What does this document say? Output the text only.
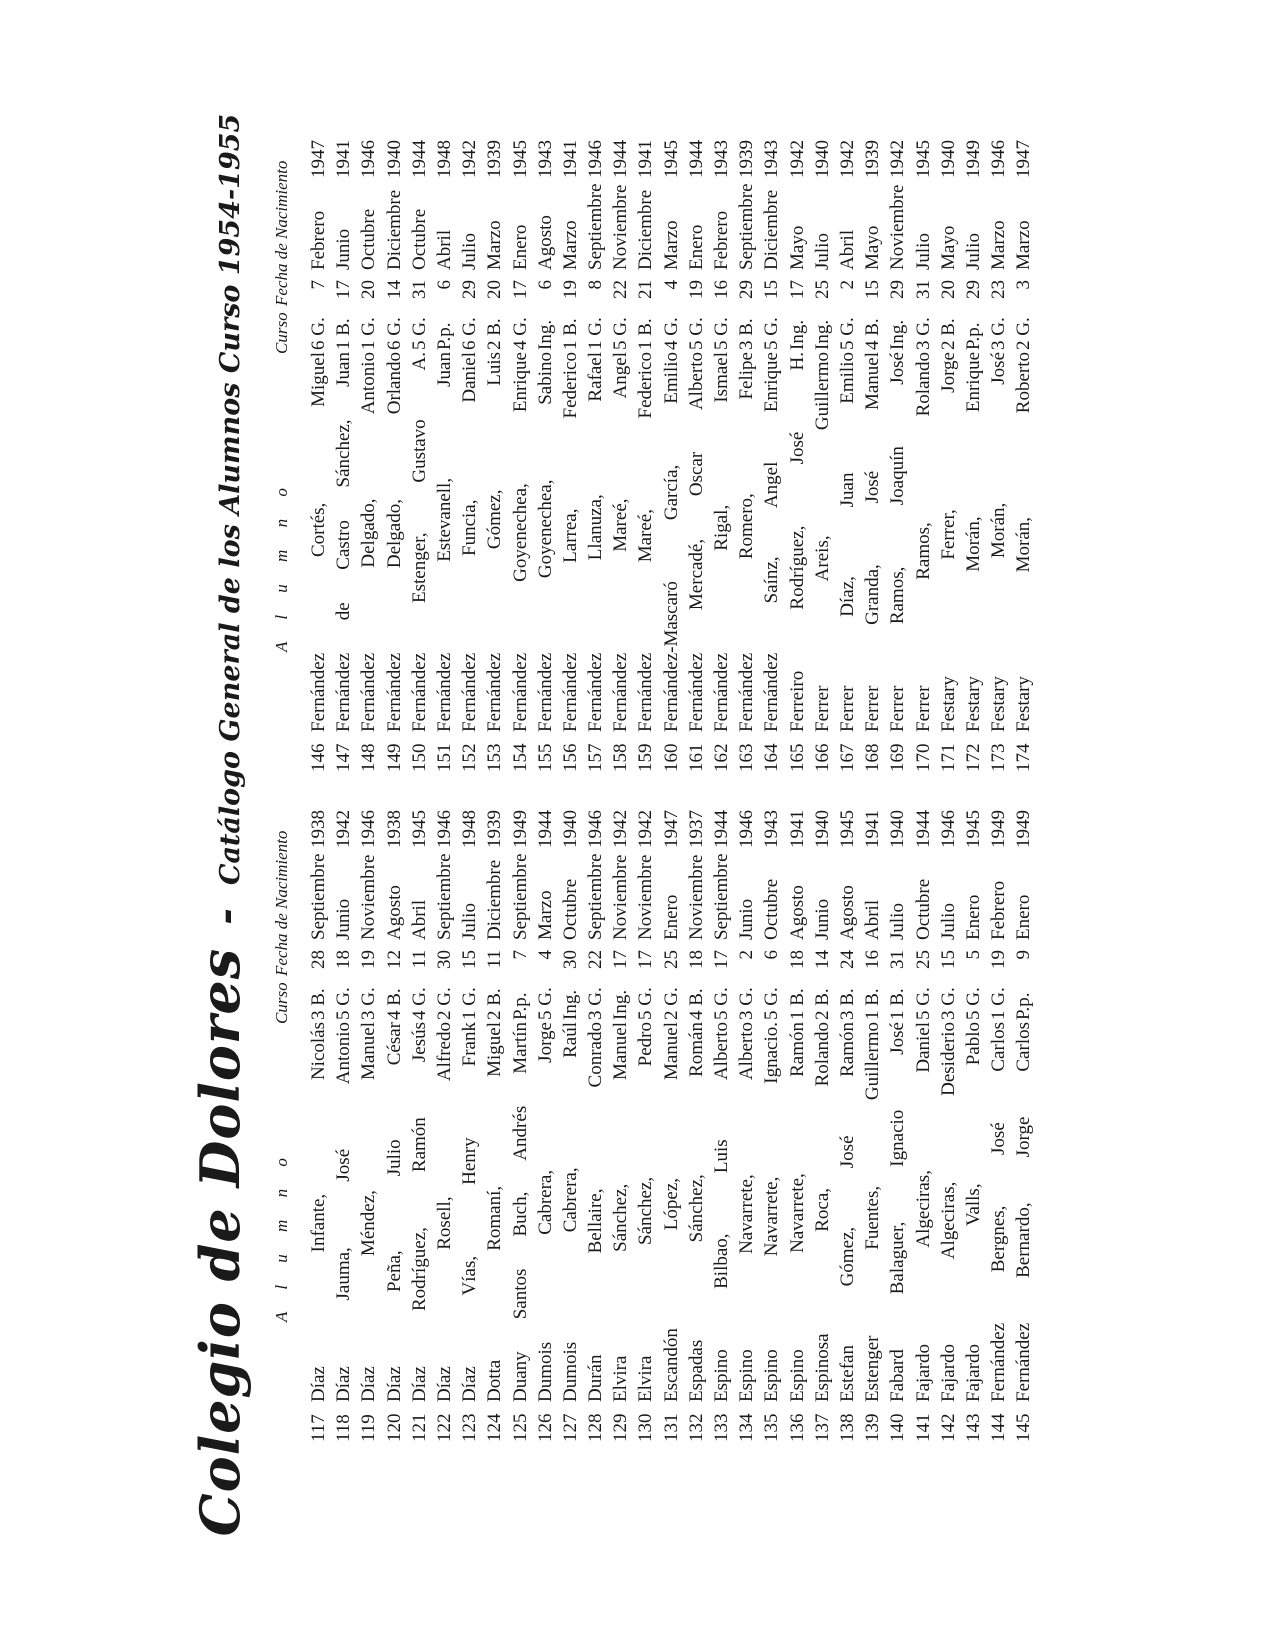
Colegio de Dolores - Catálogo General de los Alumnos Curso 1954-1955
A l u m n o
Curso
Fecha de Nacimiento
117
Díaz Infante, Nicolás
3 B.
28
Septiembre
1938
118
Díaz Jauma, José Antonio
5 G.
18
Junio
1942
119
Díaz Méndez, Manuel
3 G.
19
Noviembre
1946
120
Díaz Peña, Julio César
4 B.
12
Agosto
1938
121
Díaz Rodríguez, Ramón Jesús
4 G.
11
Abril
1945
122
Díaz Rosell, Alfredo
2 G.
30
Septiembre
1946
123
Díaz Vías, Henry Frank
1 G.
15
Julio
1948
124
Dotta Romaní, Miguel
2 B.
11
Diciembre
1939
125
Duany Santos Buch, Andrés Martín
P.p.
7
Septiembre
1949
126
Dumois Cabrera, Jorge
5 G.
4
Marzo
1944
127
Dumois Cabrera, Raúl
Ing.
30
Octubre
1940
128
Durán Bellaire, Conrado
3 G.
22
Septiembre
1946
129
Elvira Sánchez, Manuel
Ing.
17
Noviembre
1942
130
Elvira Sánchez, Pedro
5 G.
17
Noviembre
1942
131
Escandón López, Manuel
2 G.
25
Enero
1947
132
Espadas Sánchez, Román
4 B.
18
Noviembre
1937
133
Espino Bilbao, Luis Alberto
5 G.
17
Septiembre
1944
134
Espino Navarrete, Alberto
3 G.
2
Junio
1946
135
Espino Navarrete, Ignacio.
5 G.
6
Octubre
1943
136
Espino Navarrete, Ramón
1 B.
18
Agosto
1941
137
Espinosa Roca, Rolando
2 B.
14
Junio
1940
138
Estefan Gómez, José Ramón
3 B.
24
Agosto
1945
139
Estenger Fuentes, Guillermo
1 B.
16
Abril
1941
140
Fabard Balaguer, Ignacio José
1 B.
31
Julio
1940
141
Fajardo Algeciras, Daniel
5 G.
25
Octubre
1944
142
Fajardo Algeciras, Desiderio
3 G.
15
Julio
1946
143
Fajardo Valls, Pablo
5 G.
5
Enero
1945
144
Fernández Bergnes, José Carlos
1 G.
19
Febrero
1949
145
Fernández Bernardo, Jorge Carlos
P.p.
9
Enero
1949
A l u m n o
Curso
Fecha de Nacimiento
146
Fernández Cortés, Miguel
6 G.
7
Febrero
1947
147
Fernández de Castro Sánchez, Juan
1 B.
17
Junio
1941
148
Fernández Delgado, Antonio
1 G.
20
Octubre
1946
149
Fernández Delgado, Orlando
6 G.
14
Diciembre
1940
150
Fernández Estenger, Gustavo A.
5 G.
31
Octubre
1944
151
Fernández Estevanell, Juan
P.p.
6
Abril
1948
152
Fernández Funcia, Daniel
6 G.
29
Julio
1942
153
Fernández Gómez, Luis
2 B.
20
Marzo
1939
154
Fernández Goyenechea, Enrique
4 G.
17
Enero
1945
155
Fernández Goyenechea, Sabino
Ing.
6
Agosto
1943
156
Fernández Larrea, Federico
1 B.
19
Marzo
1941
157
Fernández Llanuza, Rafael
1 G.
8
Septiembre
1946
158
Fernández Mareé, Angel
5 G.
22
Noviembre
1944
159
Fernández Mareé, Federico
1 B.
21
Diciembre
1941
160
Fernández-Mascaró García, Emilio
4 G.
4
Marzo
1945
161
Fernández Mercadé, Oscar Alberto
5 G.
19
Enero
1944
162
Fernández Rigal, Ismael
5 G.
16
Febrero
1943
163
Fernández Romero, Felipe
3 B.
29
Septiembre
1939
164
Fernández Saínz, Angel Enrique
5 G.
15
Diciembre
1943
165
Ferreiro Rodríguez, José H.
Ing.
17
Mayo
1942
166
Ferrer Areis, Guillermo
Ing.
25
Julio
1940
167
Ferrer Díaz, Juan Emilio
5 G.
2
Abril
1942
168
Ferrer Granda, José Manuel
4 B.
15
Mayo
1939
169
Ferrer Ramos, Joaquín José
Ing.
29
Noviembre
1942
170
Ferrer Ramos, Rolando
3 G.
31
Julio
1945
171
Festary Ferrer, Jorge
2 B.
20
Mayo
1940
172
Festary Morán, Enrique
P.p.
29
Julio
1949
173
Festary Morán, José
3 G.
23
Marzo
1946
174
Festary Morán, Roberto
2 G.
3
Marzo
1947
